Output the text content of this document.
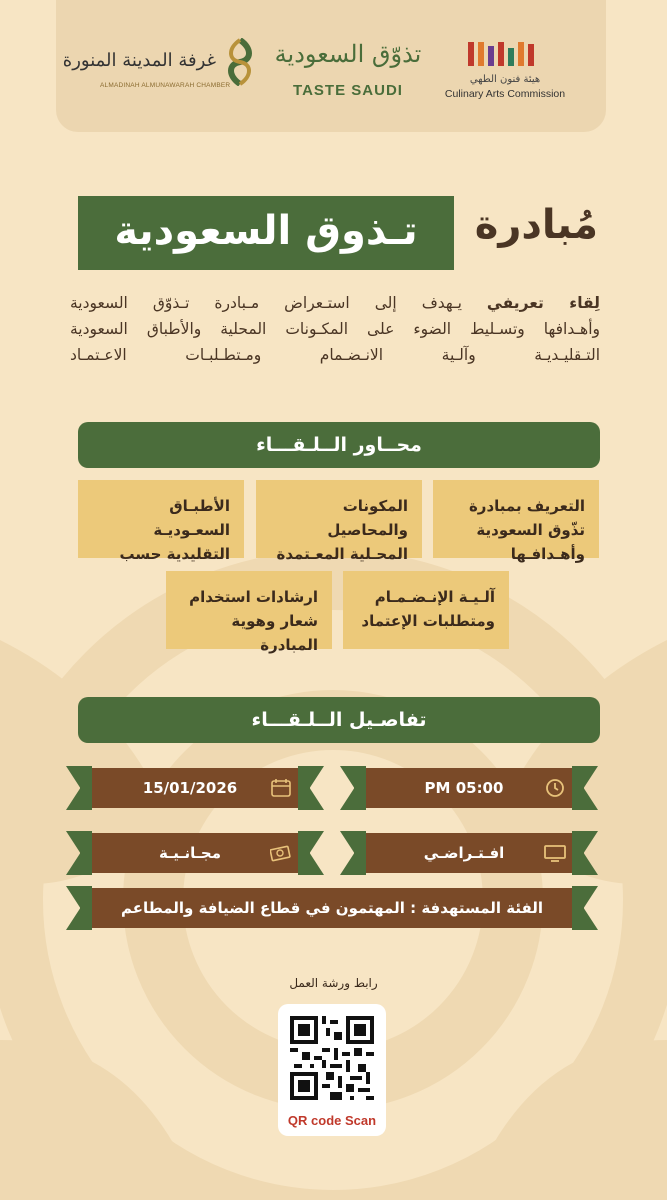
غرفة المدينة المنورة
ALMADINAH ALMUNAWARAH CHAMBER
تذوّق السعودية
TASTE SAUDI
هيئة فنون الطهي
Culinary Arts Commission
مُبادرة
تـذوق السعودية
لِقاء تعريفي يـهدف إلى استـعراض مـبادرة تـذوّق السعودية
وأهـدافها وتسـليط الضوء على المكـونات المحلية والأطباق السعودية
التـقليـديـة وآلـية الانـضـمام ومـتطـلبـات الاعـتمـاد
محــاور الــلـقـــاء
التعريف بمبادرة تذّوق السعودية وأهـدافـها
المكونات والمحاصيل المحـلية المعـتمدة
الأطبـاق السعـوديـة التقليدية حسب
آلـيـة الإنـضـمـام ومتطلبات الإعتماد
ارشادات استخدام شعار وهوية المبادرة
تفاصـيل الــلـقـــاء
PM 05:00
15/01/2026
افـتـراضـي
مجـانـيـة
الفئة المستهدفة : المهتمون في قطاع الضيافة والمطاعم
رابط ورشة العمل
QR code Scan
